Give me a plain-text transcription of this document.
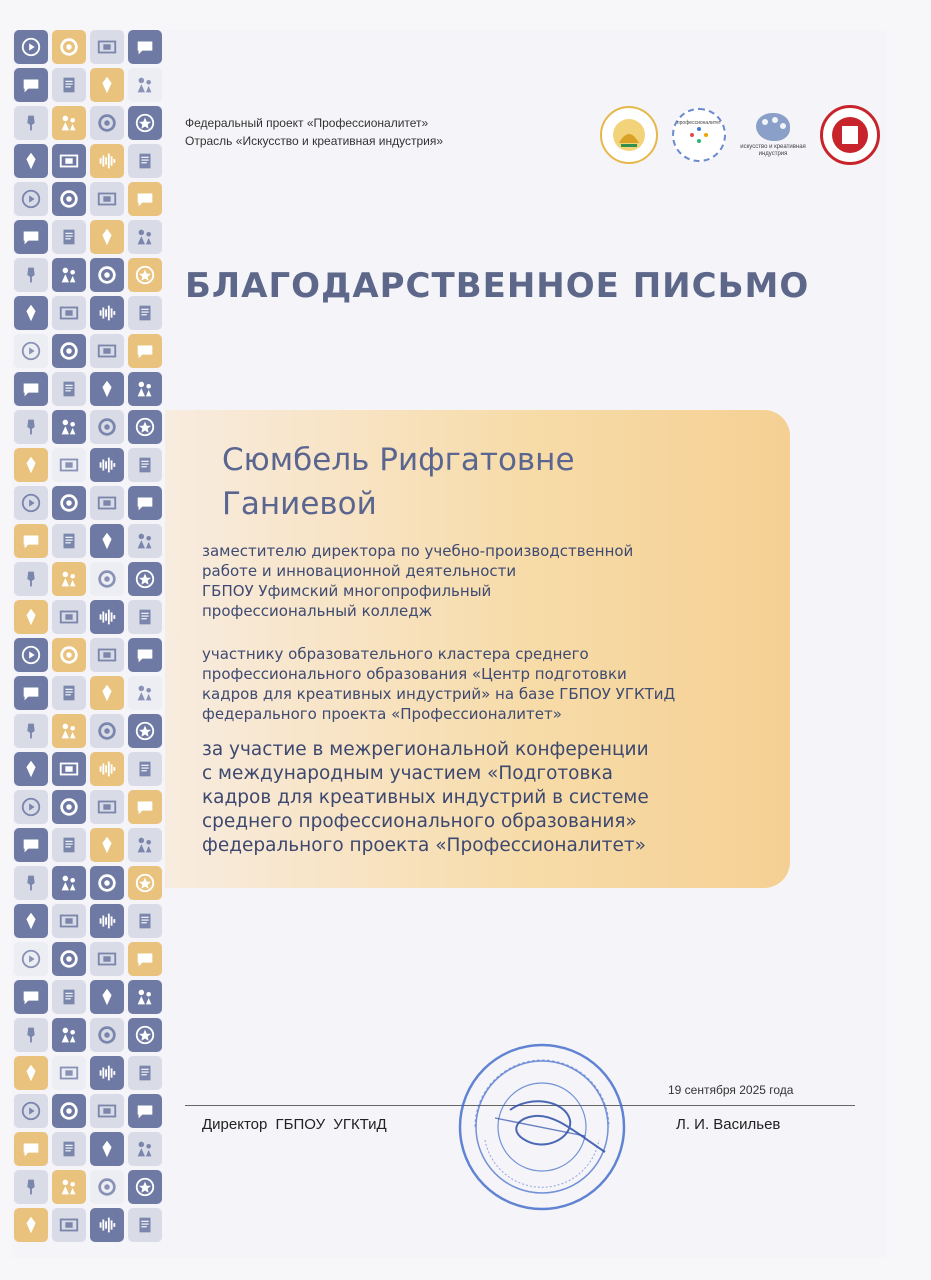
Федеральный проект «Профессионалитет»
Отрасль «Искусство и креативная индустрия»
профессионалитет
искусство и креативная
индустрия
БЛАГОДАРСТВЕННОЕ ПИСЬМО
Сюмбель Рифгатовне
Ганиевой
заместителю директора по учебно-производственной
работе и инновационной деятельности
ГБПОУ Уфимский многопрофильный
профессиональный колледж
участнику образовательного кластера среднего
профессионального образования «Центр подготовки
кадров для креативных индустрий» на базе ГБПОУ УГКТиД
федерального проекта «Профессионалитет»
за участие в межрегиональной конференции
с международным участием «Подготовка
кадров для креативных индустрий в системе
среднего профессионального образования»
федерального проекта «Профессионалитет»
19 сентября 2025 года
Директор ГБПОУ УГКТиД	Л. И. Васильев
